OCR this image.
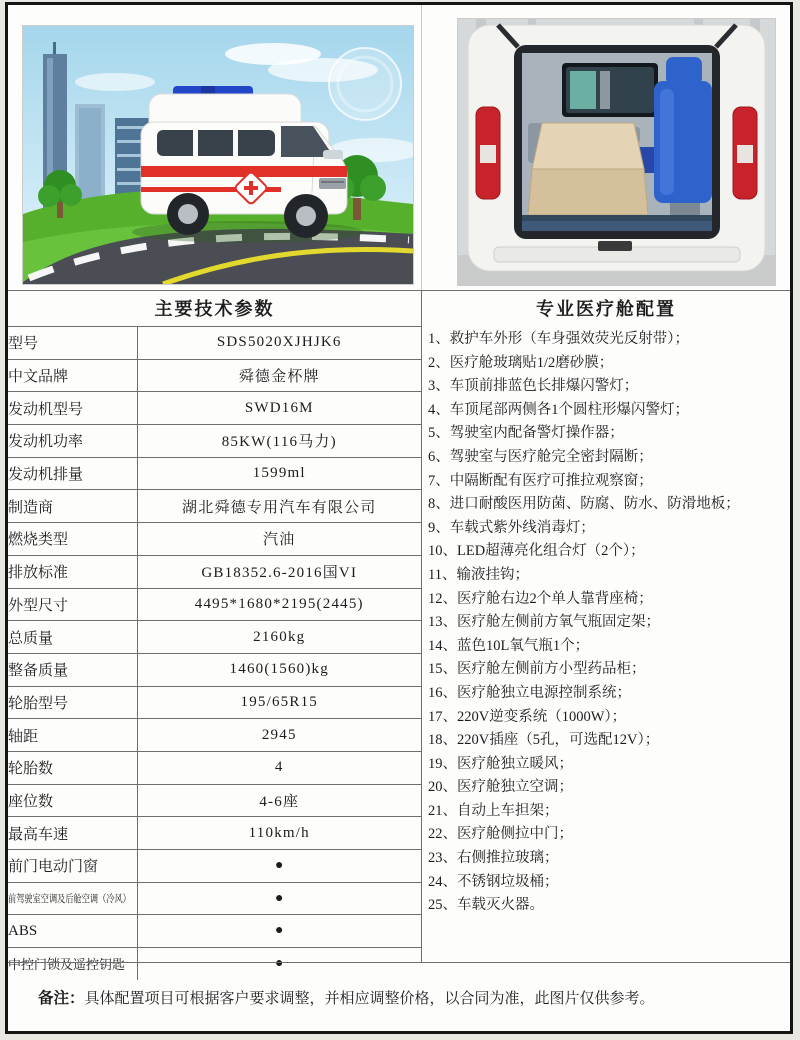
主要技术参数
型号	SDS5020XJHJK6
中文品牌	舜德金杯牌
发动机型号	SWD16M
发动机功率	85KW(116马力)
发动机排量	1599ml
制造商	湖北舜德专用汽车有限公司
燃烧类型	汽油
排放标准	GB18352.6-2016国VI
外型尺寸	4495*1680*2195(2445)
总质量	2160kg
整备质量	1460(1560)kg
轮胎型号	195/65R15
轴距	2945
轮胎数	4
座位数	4-6座
最高车速	110km/h
前门电动门窗	●
前驾驶室空调及后舱空调（冷风）	●
ABS	●
中控门锁及遥控钥匙	●
专业医疗舱配置
1、救护车外形（车身强效荧光反射带）；
2、医疗舱玻璃贴1/2磨砂膜；
3、车顶前排蓝色长排爆闪警灯；
4、车顶尾部两侧各1个圆柱形爆闪警灯；
5、驾驶室内配备警灯操作器；
6、驾驶室与医疗舱完全密封隔断；
7、中隔断配有医疗可推拉观察窗；
8、进口耐酸医用防菌、防腐、防水、防滑地板；
9、车载式紫外线消毒灯；
10、LED超薄亮化组合灯（2个）；
11、输液挂钩；
12、医疗舱右边2个单人靠背座椅；
13、医疗舱左侧前方氧气瓶固定架；
14、蓝色10L氧气瓶1个；
15、医疗舱左侧前方小型药品柜；
16、医疗舱独立电源控制系统；
17、220V逆变系统（1000W）；
18、220V插座（5孔，可选配12V）；
19、医疗舱独立暖风；
20、医疗舱独立空调；
21、自动上车担架；
22、医疗舱侧拉中门；
23、右侧推拉玻璃；
24、不锈钢垃圾桶；
25、车载灭火器。
备注： 具体配置项目可根据客户要求调整，并相应调整价格，以合同为准，此图片仅供参考。
